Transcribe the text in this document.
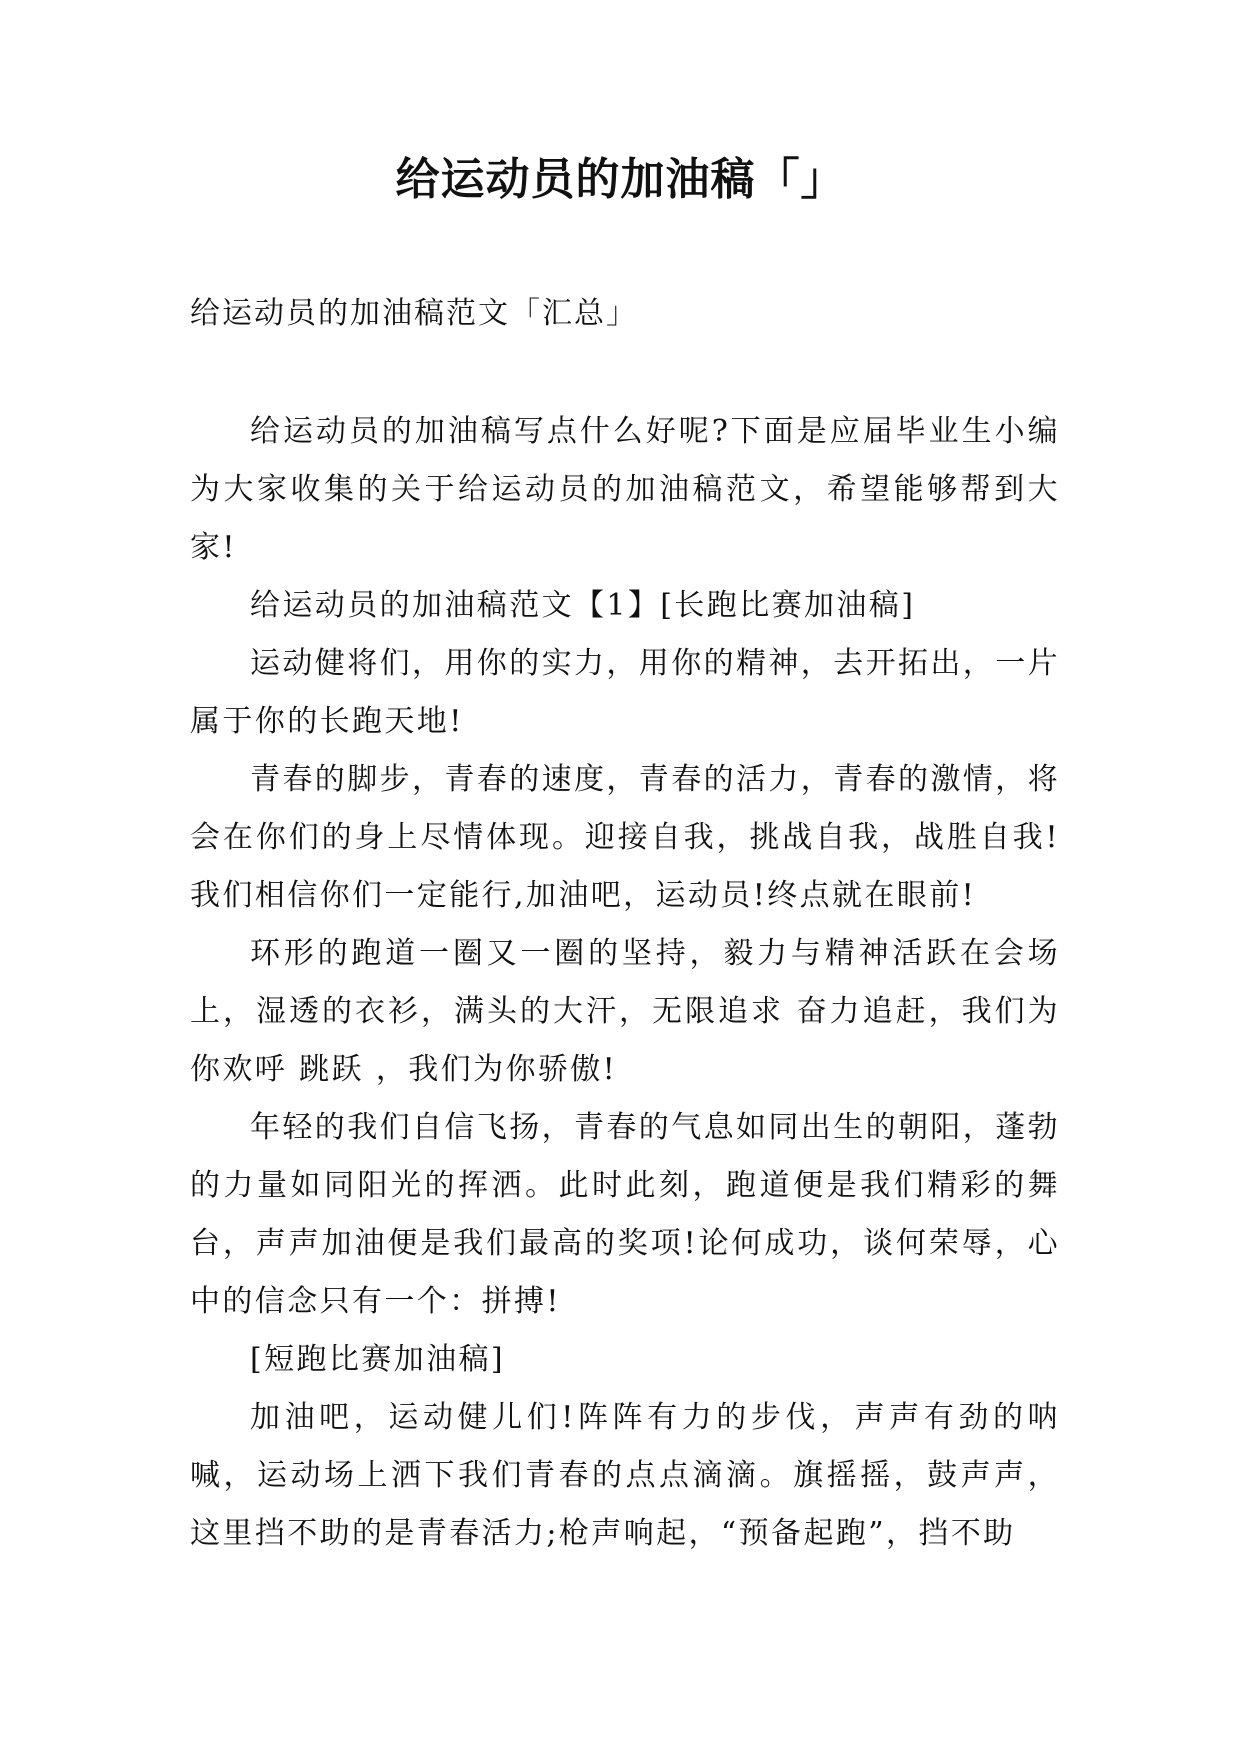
给运动员的加油稿「」
给运动员的加油稿范文「汇总」

给运动员的加油稿写点什么好呢?下面是应届毕业生小编为大家收集的关于给运动员的加油稿范文，希望能够帮到大家!

给运动员的加油稿范文【1】[长跑比赛加油稿]

运动健将们，用你的实力，用你的精神，去开拓出，一片属于你的长跑天地!

青春的脚步，青春的速度，青春的活力，青春的激情，将会在你们的身上尽情体现。迎接自我，挑战自我，战胜自我!我们相信你们一定能行,加油吧，运动员!终点就在眼前!

环形的跑道一圈又一圈的坚持，毅力与精神活跃在会场上，湿透的衣衫，满头的大汗，无限追求 奋力追赶，我们为你欢呼 跳跃 ，我们为你骄傲!

年轻的我们自信飞扬，青春的气息如同出生的朝阳，蓬勃的力量如同阳光的挥洒。此时此刻，跑道便是我们精彩的舞台，声声加油便是我们最高的奖项!论何成功，谈何荣辱，心中的信念只有一个：拼搏!

[短跑比赛加油稿]

加油吧，运动健儿们!阵阵有力的步伐，声声有劲的呐喊，运动场上洒下我们青春的点点滴滴。旗摇摇，鼓声声，这里挡不助的是青春活力;枪声响起，“预备起跑”，挡不助
